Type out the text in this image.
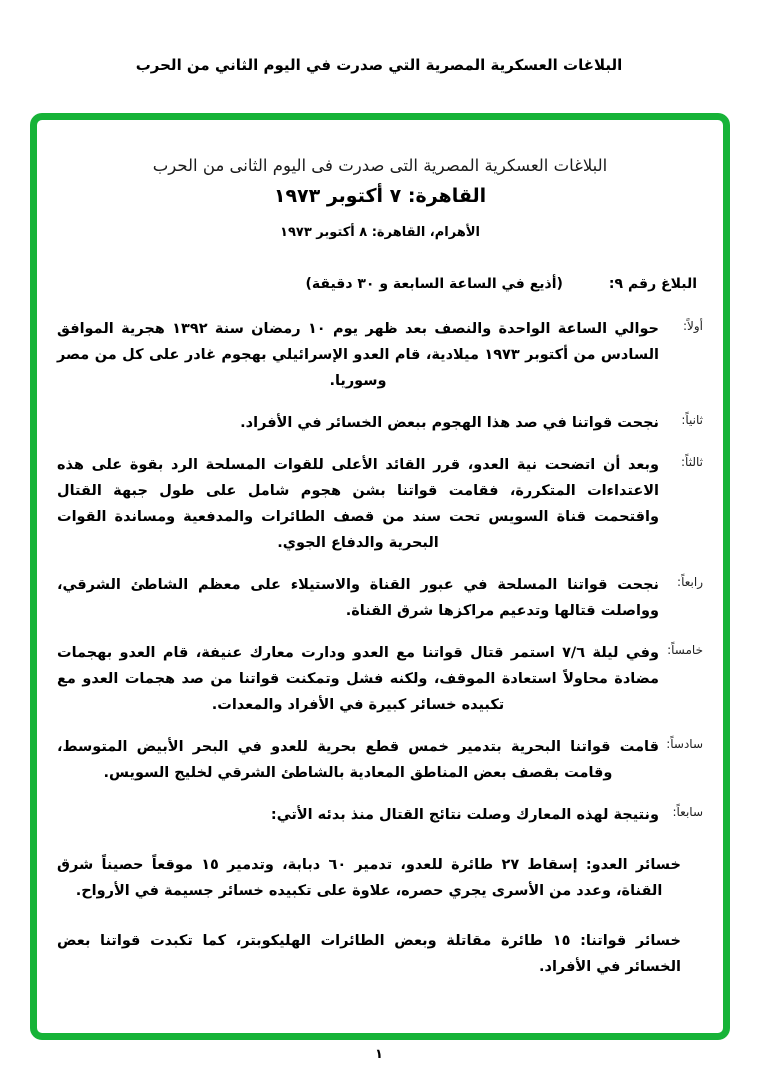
البلاغات العسكرية المصرية التي صدرت في اليوم الثاني من الحرب

البلاغات العسكرية المصرية التى صدرت فى اليوم الثانى من الحرب

القاهرة: ٧ أكتوبر ١٩٧٣

الأهرام، القاهرة: ٨ أكتوبر ١٩٧٣

البلاغ رقم ٩:
(أذيع في الساعة السابعة و ٣٠ دقيقة)
أولاً:

حوالي الساعة الواحدة والنصف بعد ظهر يوم ١٠ رمضان سنة ١٣٩٢ هجرية الموافق السادس من أكتوبر ١٩٧٣ ميلادية، قام العدو الإسرائيلي بهجوم غادر على كل من مصر وسوريا.

ثانياً:

نجحت قواتنا في صد هذا الهجوم ببعض الخسائر في الأفراد.

ثالثاً:

وبعد أن اتضحت نية العدو، قرر القائد الأعلى للقوات المسلحة الرد بقوة على هذه الاعتداءات المتكررة، فقامت قواتنا بشن هجوم شامل على طول جبهة القتال واقتحمت قناة السويس تحت سند من قصف الطائرات والمدفعية ومساندة القوات البحرية والدفاع الجوي.

رابعاً:

نجحت قواتنا المسلحة في عبور القناة والاستيلاء على معظم الشاطئ الشرقي، وواصلت قتالها وتدعيم مراكزها شرق القناة.

خامساً:

وفي ليلة ٧/٦ استمر قتال قواتنا مع العدو ودارت معارك عنيفة، قام العدو بهجمات مضادة محاولاً استعادة الموقف، ولكنه فشل وتمكنت قواتنا من صد هجمات العدو مع تكبيده خسائر كبيرة في الأفراد والمعدات.

سادساً:

قامت قواتنا البحرية بتدمير خمس قطع بحرية للعدو في البحر الأبيض المتوسط، وقامت بقصف بعض المناطق المعادية بالشاطئ الشرقي لخليج السويس.

سابعاً:

ونتيجة لهذه المعارك وصلت نتائج القتال منذ بدئه الأتي:

خسائر العدو: إسقاط ٢٧ طائرة للعدو، تدمير ٦٠ دبابة، وتدمير ١٥ موقعاً حصيناً شرق القناة، وعدد من الأسرى يجري حصره، علاوة على تكبيده خسائر جسيمة في الأرواح.

خسائر قواتنا: ١٥ طائرة مقاتلة وبعض الطائرات الهليكوبتر، كما تكبدت قواتنا بعض الخسائر في الأفراد.

١
